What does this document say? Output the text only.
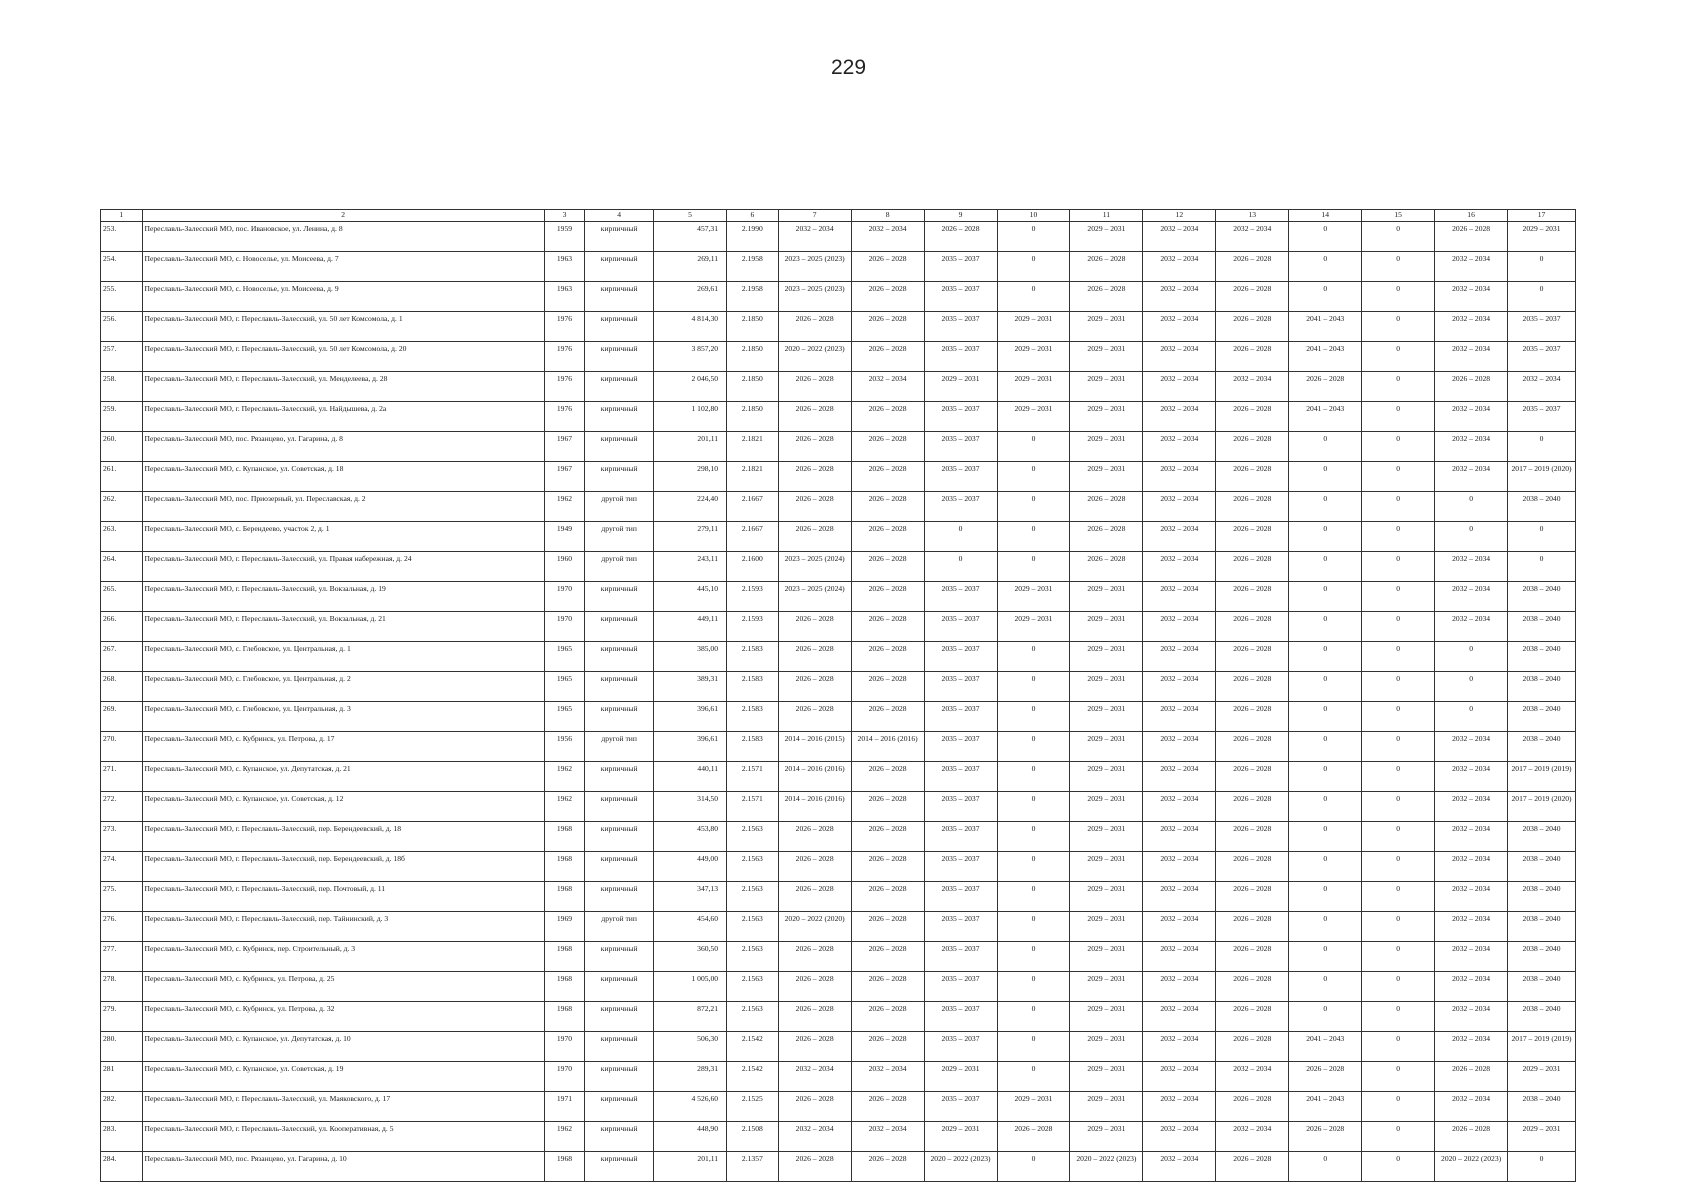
229
1	2	3	4	5	6	7	8	9	10	11	12	13	14	15	16	17
253.	Переславль-Залесский МО, пос. Ивановское, ул. Ленина, д. 8	1959	кирпичный	457,31	2.1990	2032 – 2034	2032 – 2034	2026 – 2028	0	2029 – 2031	2032 – 2034	2032 – 2034	0	0	2026 – 2028	2029 – 2031
254.	Переславль-Залесский МО, с. Новоселье, ул. Моисеева, д. 7	1963	кирпичный	269,11	2.1958	2023 – 2025 (2023)	2026 – 2028	2035 – 2037	0	2026 – 2028	2032 – 2034	2026 – 2028	0	0	2032 – 2034	0
255.	Переславль-Залесский МО, с. Новоселье, ул. Моисеева, д. 9	1963	кирпичный	269,61	2.1958	2023 – 2025 (2023)	2026 – 2028	2035 – 2037	0	2026 – 2028	2032 – 2034	2026 – 2028	0	0	2032 – 2034	0
256.	Переславль-Залесский МО, г. Переславль-Залесский, ул. 50 лет Комсомола, д. 1	1976	кирпичный	4 814,30	2.1850	2026 – 2028	2026 – 2028	2035 – 2037	2029 – 2031	2029 – 2031	2032 – 2034	2026 – 2028	2041 – 2043	0	2032 – 2034	2035 – 2037
257.	Переславль-Залесский МО, г. Переславль-Залесский, ул. 50 лет Комсомола, д. 20	1976	кирпичный	3 857,20	2.1850	2020 – 2022 (2023)	2026 – 2028	2035 – 2037	2029 – 2031	2029 – 2031	2032 – 2034	2026 – 2028	2041 – 2043	0	2032 – 2034	2035 – 2037
258.	Переславль-Залесский МО, г. Переславль-Залесский, ул. Менделеева, д. 28	1976	кирпичный	2 046,50	2.1850	2026 – 2028	2032 – 2034	2029 – 2031	2029 – 2031	2029 – 2031	2032 – 2034	2032 – 2034	2026 – 2028	0	2026 – 2028	2032 – 2034
259.	Переславль-Залесский МО, г. Переславль-Залесский, ул. Найдышева, д. 2а	1976	кирпичный	1 102,80	2.1850	2026 – 2028	2026 – 2028	2035 – 2037	2029 – 2031	2029 – 2031	2032 – 2034	2026 – 2028	2041 – 2043	0	2032 – 2034	2035 – 2037
260.	Переславль-Залесский МО, пос. Рязанцево, ул. Гагарина, д. 8	1967	кирпичный	201,11	2.1821	2026 – 2028	2026 – 2028	2035 – 2037	0	2029 – 2031	2032 – 2034	2026 – 2028	0	0	2032 – 2034	0
261.	Переславль-Залесский МО, с. Купанское, ул. Советская, д. 18	1967	кирпичный	298,10	2.1821	2026 – 2028	2026 – 2028	2035 – 2037	0	2029 – 2031	2032 – 2034	2026 – 2028	0	0	2032 – 2034	2017 – 2019 (2020)
262.	Переславль-Залесский МО, пос. Приозерный, ул. Переславская, д. 2	1962	другой тип	224,40	2.1667	2026 – 2028	2026 – 2028	2035 – 2037	0	2026 – 2028	2032 – 2034	2026 – 2028	0	0	0	2038 – 2040
263.	Переславль-Залесский МО, с. Берендеево, участок 2, д. 1	1949	другой тип	279,11	2.1667	2026 – 2028	2026 – 2028	0	0	2026 – 2028	2032 – 2034	2026 – 2028	0	0	0	0
264.	Переславль-Залесский МО, г. Переславль-Залесский, ул. Правая набережная, д. 24	1960	другой тип	243,11	2.1600	2023 – 2025 (2024)	2026 – 2028	0	0	2026 – 2028	2032 – 2034	2026 – 2028	0	0	2032 – 2034	0
265.	Переславль-Залесский МО, г. Переславль-Залесский, ул. Вокзальная, д. 19	1970	кирпичный	445,10	2.1593	2023 – 2025 (2024)	2026 – 2028	2035 – 2037	2029 – 2031	2029 – 2031	2032 – 2034	2026 – 2028	0	0	2032 – 2034	2038 – 2040
266.	Переславль-Залесский МО, г. Переславль-Залесский, ул. Вокзальная, д. 21	1970	кирпичный	449,11	2.1593	2026 – 2028	2026 – 2028	2035 – 2037	2029 – 2031	2029 – 2031	2032 – 2034	2026 – 2028	0	0	2032 – 2034	2038 – 2040
267.	Переславль-Залесский МО, с. Глебовское, ул. Центральная, д. 1	1965	кирпичный	385,00	2.1583	2026 – 2028	2026 – 2028	2035 – 2037	0	2029 – 2031	2032 – 2034	2026 – 2028	0	0	0	2038 – 2040
268.	Переславль-Залесский МО, с. Глебовское, ул. Центральная, д. 2	1965	кирпичный	389,31	2.1583	2026 – 2028	2026 – 2028	2035 – 2037	0	2029 – 2031	2032 – 2034	2026 – 2028	0	0	0	2038 – 2040
269.	Переславль-Залесский МО, с. Глебовское, ул. Центральная, д. 3	1965	кирпичный	396,61	2.1583	2026 – 2028	2026 – 2028	2035 – 2037	0	2029 – 2031	2032 – 2034	2026 – 2028	0	0	0	2038 – 2040
270.	Переславль-Залесский МО, с. Кубринск, ул. Петрова, д. 17	1956	другой тип	396,61	2.1583	2014 – 2016 (2015)	2014 – 2016 (2016)	2035 – 2037	0	2029 – 2031	2032 – 2034	2026 – 2028	0	0	2032 – 2034	2038 – 2040
271.	Переславль-Залесский МО, с. Купанское, ул. Депутатская, д. 21	1962	кирпичный	440,11	2.1571	2014 – 2016 (2016)	2026 – 2028	2035 – 2037	0	2029 – 2031	2032 – 2034	2026 – 2028	0	0	2032 – 2034	2017 – 2019 (2019)
272.	Переславль-Залесский МО, с. Купанское, ул. Советская, д. 12	1962	кирпичный	314,50	2.1571	2014 – 2016 (2016)	2026 – 2028	2035 – 2037	0	2029 – 2031	2032 – 2034	2026 – 2028	0	0	2032 – 2034	2017 – 2019 (2020)
273.	Переславль-Залесский МО, г. Переславль-Залесский, пер. Берендеевский, д. 18	1968	кирпичный	453,80	2.1563	2026 – 2028	2026 – 2028	2035 – 2037	0	2029 – 2031	2032 – 2034	2026 – 2028	0	0	2032 – 2034	2038 – 2040
274.	Переславль-Залесский МО, г. Переславль-Залесский, пер. Берендеевский, д. 18б	1968	кирпичный	449,00	2.1563	2026 – 2028	2026 – 2028	2035 – 2037	0	2029 – 2031	2032 – 2034	2026 – 2028	0	0	2032 – 2034	2038 – 2040
275.	Переславль-Залесский МО, г. Переславль-Залесский, пер. Почтовый, д. 11	1968	кирпичный	347,13	2.1563	2026 – 2028	2026 – 2028	2035 – 2037	0	2029 – 2031	2032 – 2034	2026 – 2028	0	0	2032 – 2034	2038 – 2040
276.	Переславль-Залесский МО, г. Переславль-Залесский, пер. Тайнинский, д. 3	1969	другой тип	454,60	2.1563	2020 – 2022 (2020)	2026 – 2028	2035 – 2037	0	2029 – 2031	2032 – 2034	2026 – 2028	0	0	2032 – 2034	2038 – 2040
277.	Переславль-Залесский МО, с. Кубринск, пер. Строительный, д. 3	1968	кирпичный	360,50	2.1563	2026 – 2028	2026 – 2028	2035 – 2037	0	2029 – 2031	2032 – 2034	2026 – 2028	0	0	2032 – 2034	2038 – 2040
278.	Переславль-Залесский МО, с. Кубринск, ул. Петрова, д. 25	1968	кирпичный	1 005,00	2.1563	2026 – 2028	2026 – 2028	2035 – 2037	0	2029 – 2031	2032 – 2034	2026 – 2028	0	0	2032 – 2034	2038 – 2040
279.	Переславль-Залесский МО, с. Кубринск, ул. Петрова, д. 32	1968	кирпичный	872,21	2.1563	2026 – 2028	2026 – 2028	2035 – 2037	0	2029 – 2031	2032 – 2034	2026 – 2028	0	0	2032 – 2034	2038 – 2040
280.	Переславль-Залесский МО, с. Купанское, ул. Депутатская, д. 10	1970	кирпичный	506,30	2.1542	2026 – 2028	2026 – 2028	2035 – 2037	0	2029 – 2031	2032 – 2034	2026 – 2028	2041 – 2043	0	2032 – 2034	2017 – 2019 (2019)
281	Переславль-Залесский МО, с. Купанское, ул. Советская, д. 19	1970	кирпичный	289,31	2.1542	2032 – 2034	2032 – 2034	2029 – 2031	0	2029 – 2031	2032 – 2034	2032 – 2034	2026 – 2028	0	2026 – 2028	2029 – 2031
282.	Переславль-Залесский МО, г. Переславль-Залесский, ул. Маяковского, д. 17	1971	кирпичный	4 526,60	2.1525	2026 – 2028	2026 – 2028	2035 – 2037	2029 – 2031	2029 – 2031	2032 – 2034	2026 – 2028	2041 – 2043	0	2032 – 2034	2038 – 2040
283.	Переславль-Залесский МО, г. Переславль-Залесский, ул. Кооперативная, д. 5	1962	кирпичный	448,90	2.1508	2032 – 2034	2032 – 2034	2029 – 2031	2026 – 2028	2029 – 2031	2032 – 2034	2032 – 2034	2026 – 2028	0	2026 – 2028	2029 – 2031
284.	Переславль-Залесский МО, пос. Рязанцево, ул. Гагарина, д. 10	1968	кирпичный	201,11	2.1357	2026 – 2028	2026 – 2028	2020 – 2022 (2023)	0	2020 – 2022 (2023)	2032 – 2034	2026 – 2028	0	0	2020 – 2022 (2023)	0
